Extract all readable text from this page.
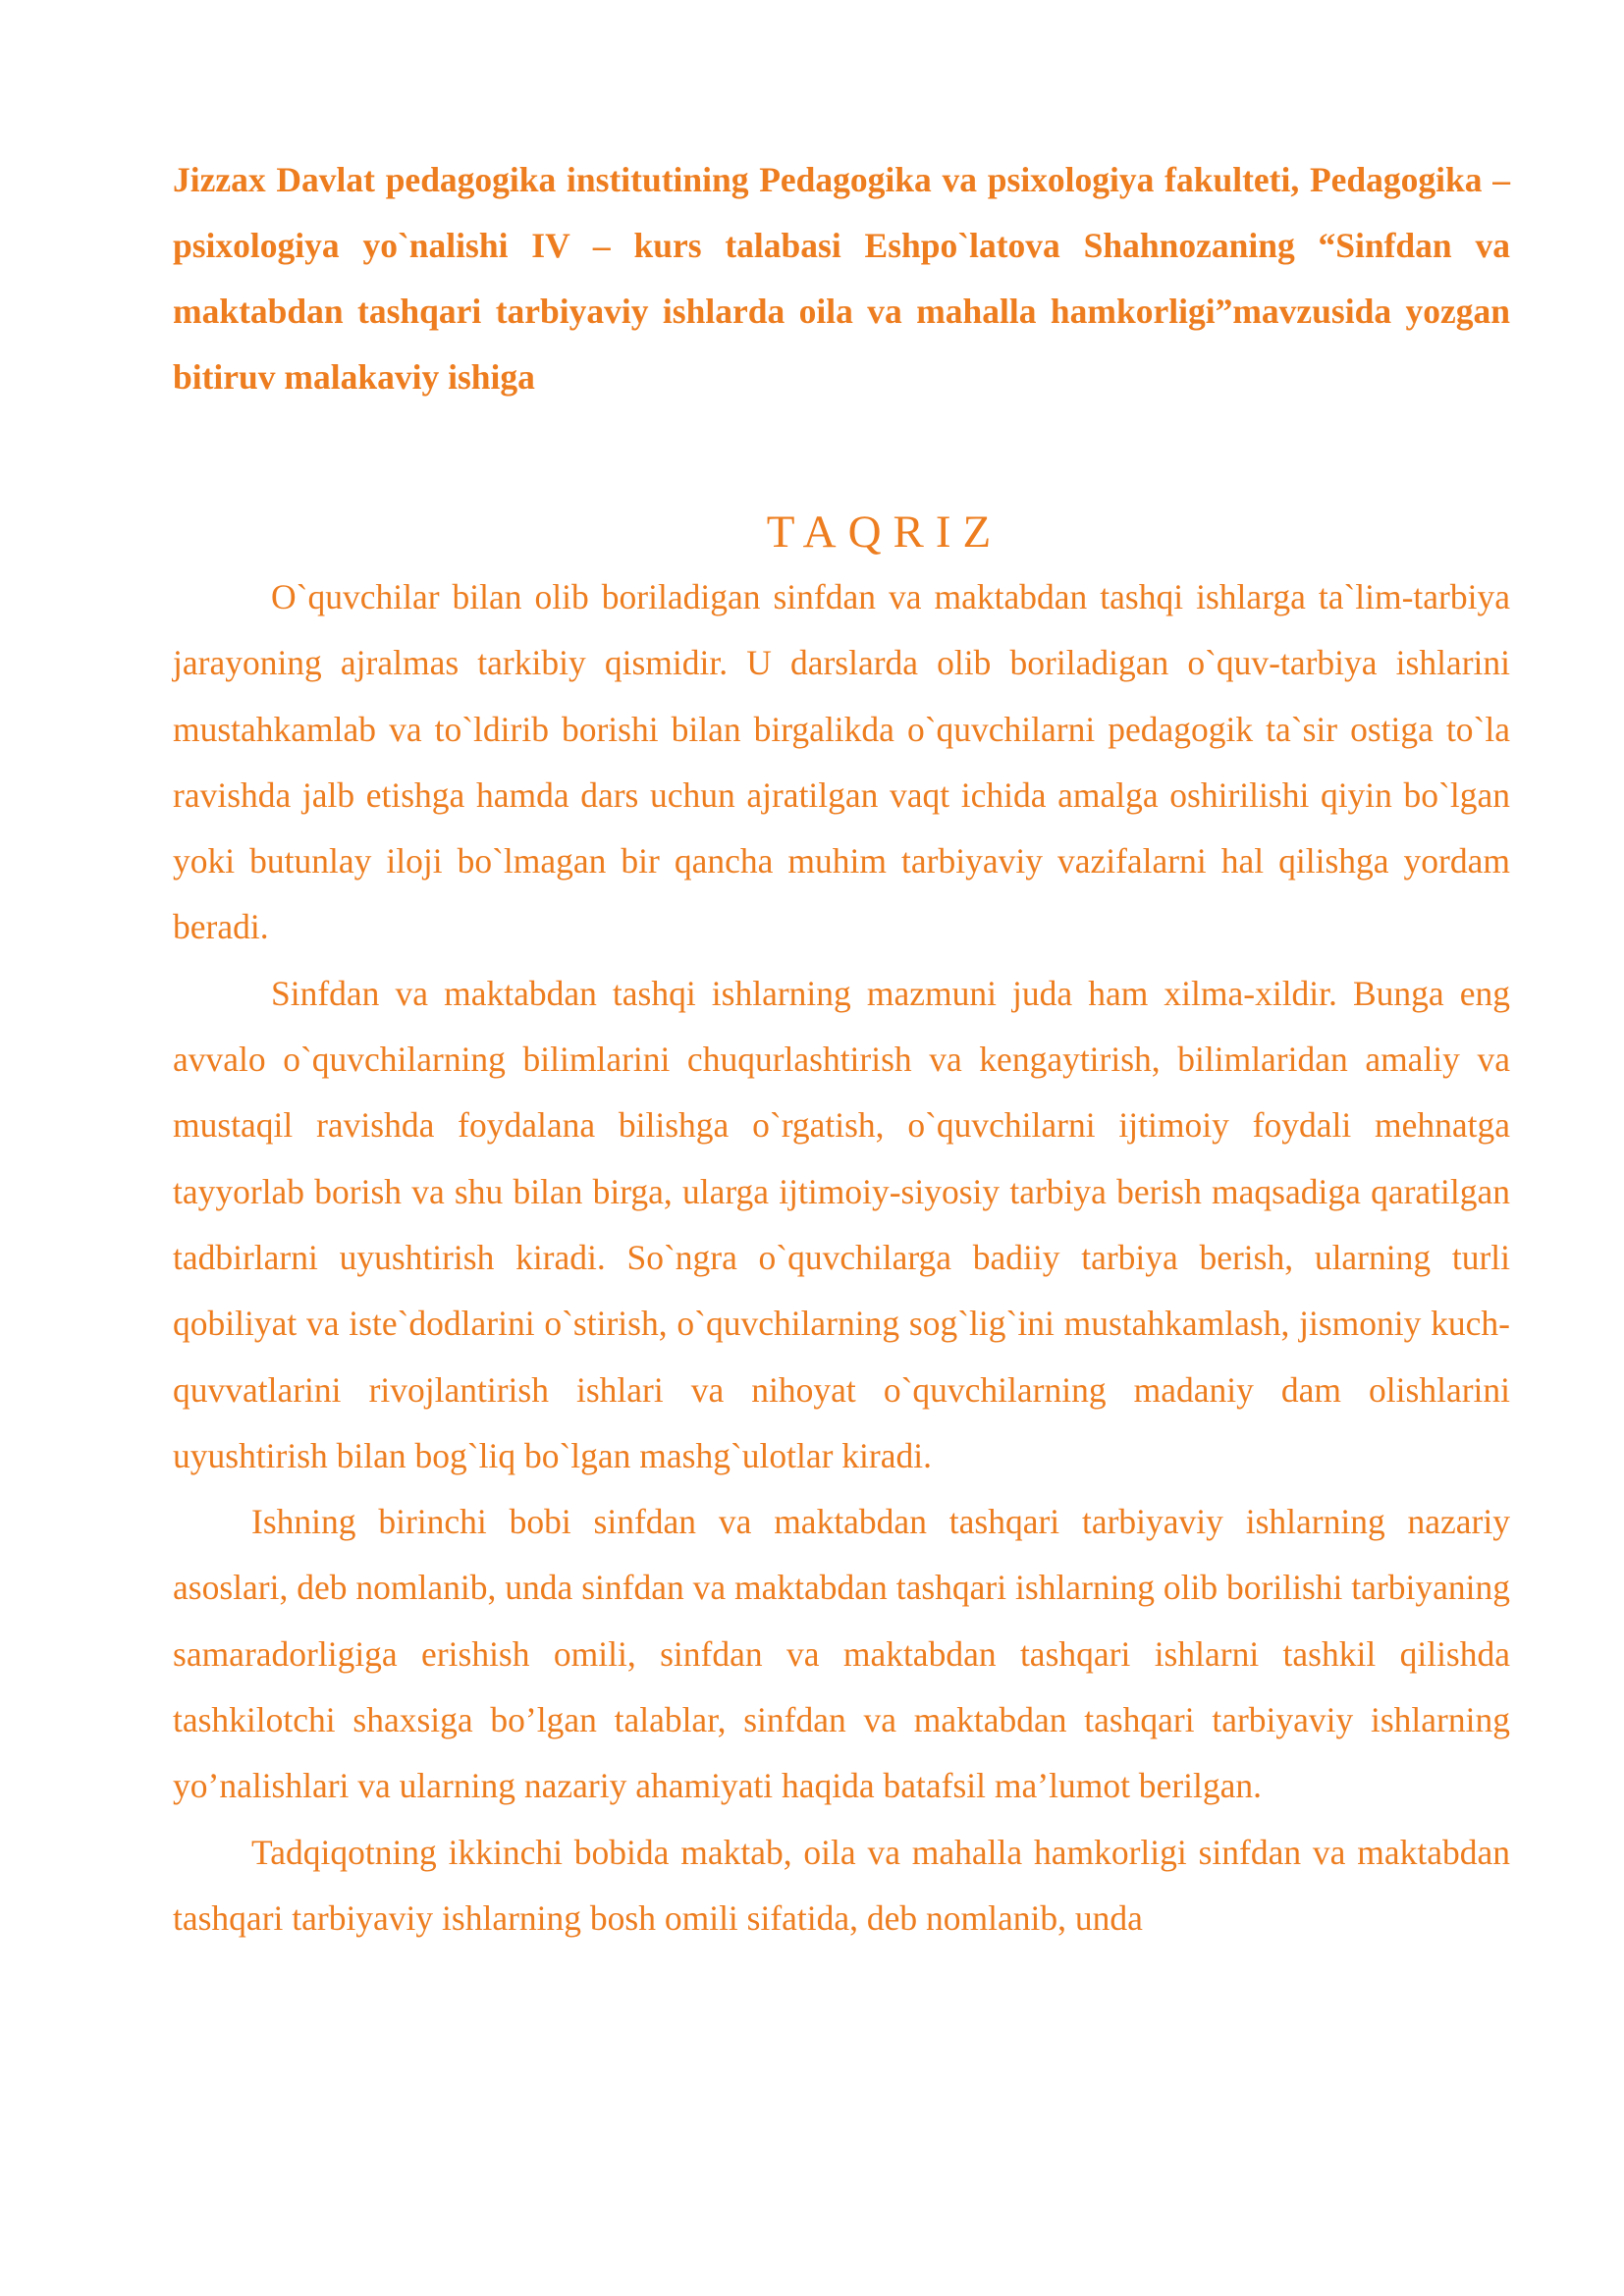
Jizzax Davlat pedagogika institutining Pedagogika va psixologiya fakulteti, Pedagogika – psixologiya yo`nalishi IV – kurs talabasi Eshpo`latova Shahnozaning “Sinfdan va maktabdan tashqari tarbiyaviy ishlarda oila va mahalla hamkorligi”mavzusida yozgan bitiruv malakaviy ishiga

TAQRIZ

O`quvchilar bilan olib boriladigan sinfdan va maktabdan tashqi ishlarga ta`lim-tarbiya jarayoning ajralmas tarkibiy qismidir. U darslarda olib boriladigan o`quv-tarbiya ishlarini mustahkamlab va to`ldirib borishi bilan birgalikda o`quvchilarni pedagogik ta`sir ostiga to`la ravishda jalb etishga hamda dars uchun ajratilgan vaqt ichida amalga oshirilishi qiyin bo`lgan yoki butunlay iloji bo`lmagan bir qancha muhim tarbiyaviy vazifalarni hal qilishga yordam beradi.

Sinfdan va maktabdan tashqi ishlarning mazmuni juda ham xilma-xildir. Bunga eng avvalo o`quvchilarning bilimlarini chuqurlashtirish va kengaytirish, bilimlaridan amaliy va mustaqil ravishda foydalana bilishga o`rgatish, o`quvchilarni ijtimoiy foydali mehnatga tayyorlab borish va shu bilan birga, ularga ijtimoiy-siyosiy tarbiya berish maqsadiga qaratilgan tadbirlarni uyushtirish kiradi. So`ngra o`quvchilarga badiiy tarbiya berish, ularning turli qobiliyat va iste`dodlarini o`stirish, o`quvchilarning sog`lig`ini mustahkamlash, jismoniy kuch-quvvatlarini rivojlantirish ishlari va nihoyat o`quvchilarning madaniy dam olishlarini uyushtirish bilan bog`liq bo`lgan mashg`ulotlar kiradi.

Ishning birinchi bobi sinfdan va maktabdan tashqari tarbiyaviy ishlarning nazariy asoslari, deb nomlanib, unda sinfdan va maktabdan tashqari ishlarning olib borilishi tarbiyaning samaradorligiga erishish omili, sinfdan va maktabdan tashqari ishlarni tashkil qilishda tashkilotchi shaxsiga bo’lgan talablar, sinfdan va maktabdan tashqari tarbiyaviy ishlarning yo’nalishlari va ularning nazariy ahamiyati haqida batafsil ma’lumot berilgan.

Tadqiqotning ikkinchi bobida maktab, oila va mahalla hamkorligi sinfdan va maktabdan tashqari tarbiyaviy ishlarning bosh omili sifatida, deb nomlanib, unda
